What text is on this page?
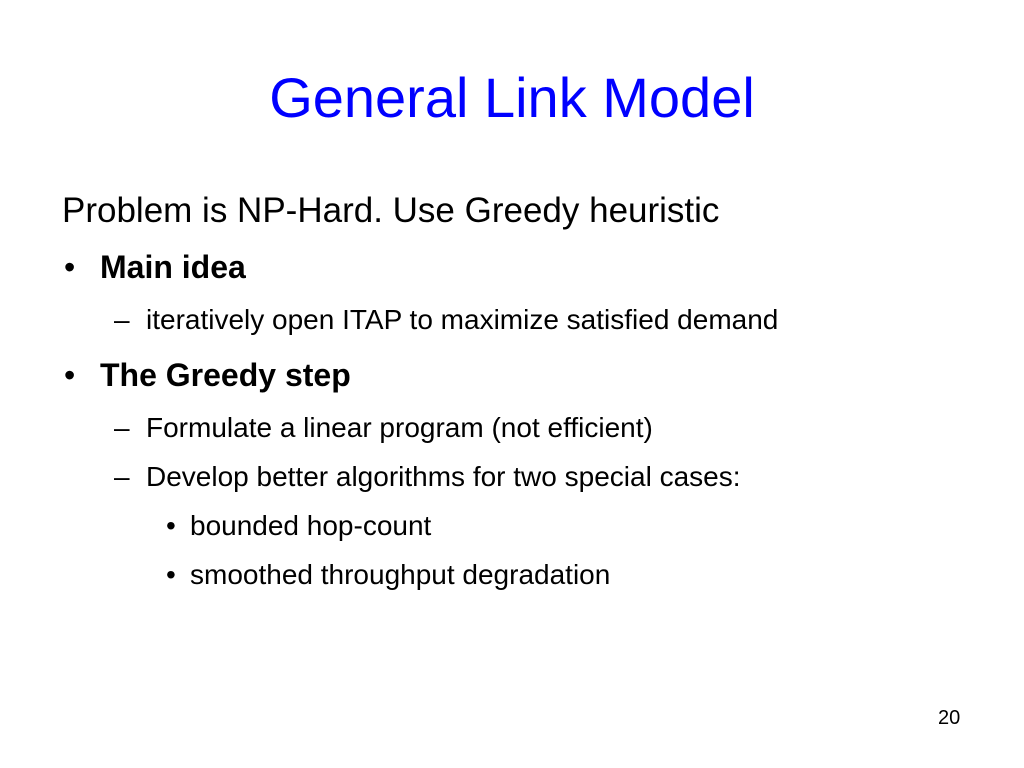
General Link Model
Problem is NP-Hard. Use Greedy heuristic
• Main idea
– iteratively open ITAP to maximize satisfied demand
• The Greedy step
– Formulate a linear program (not efficient)
– Develop better algorithms for two special cases:
• bounded hop-count
• smoothed throughput degradation
20
